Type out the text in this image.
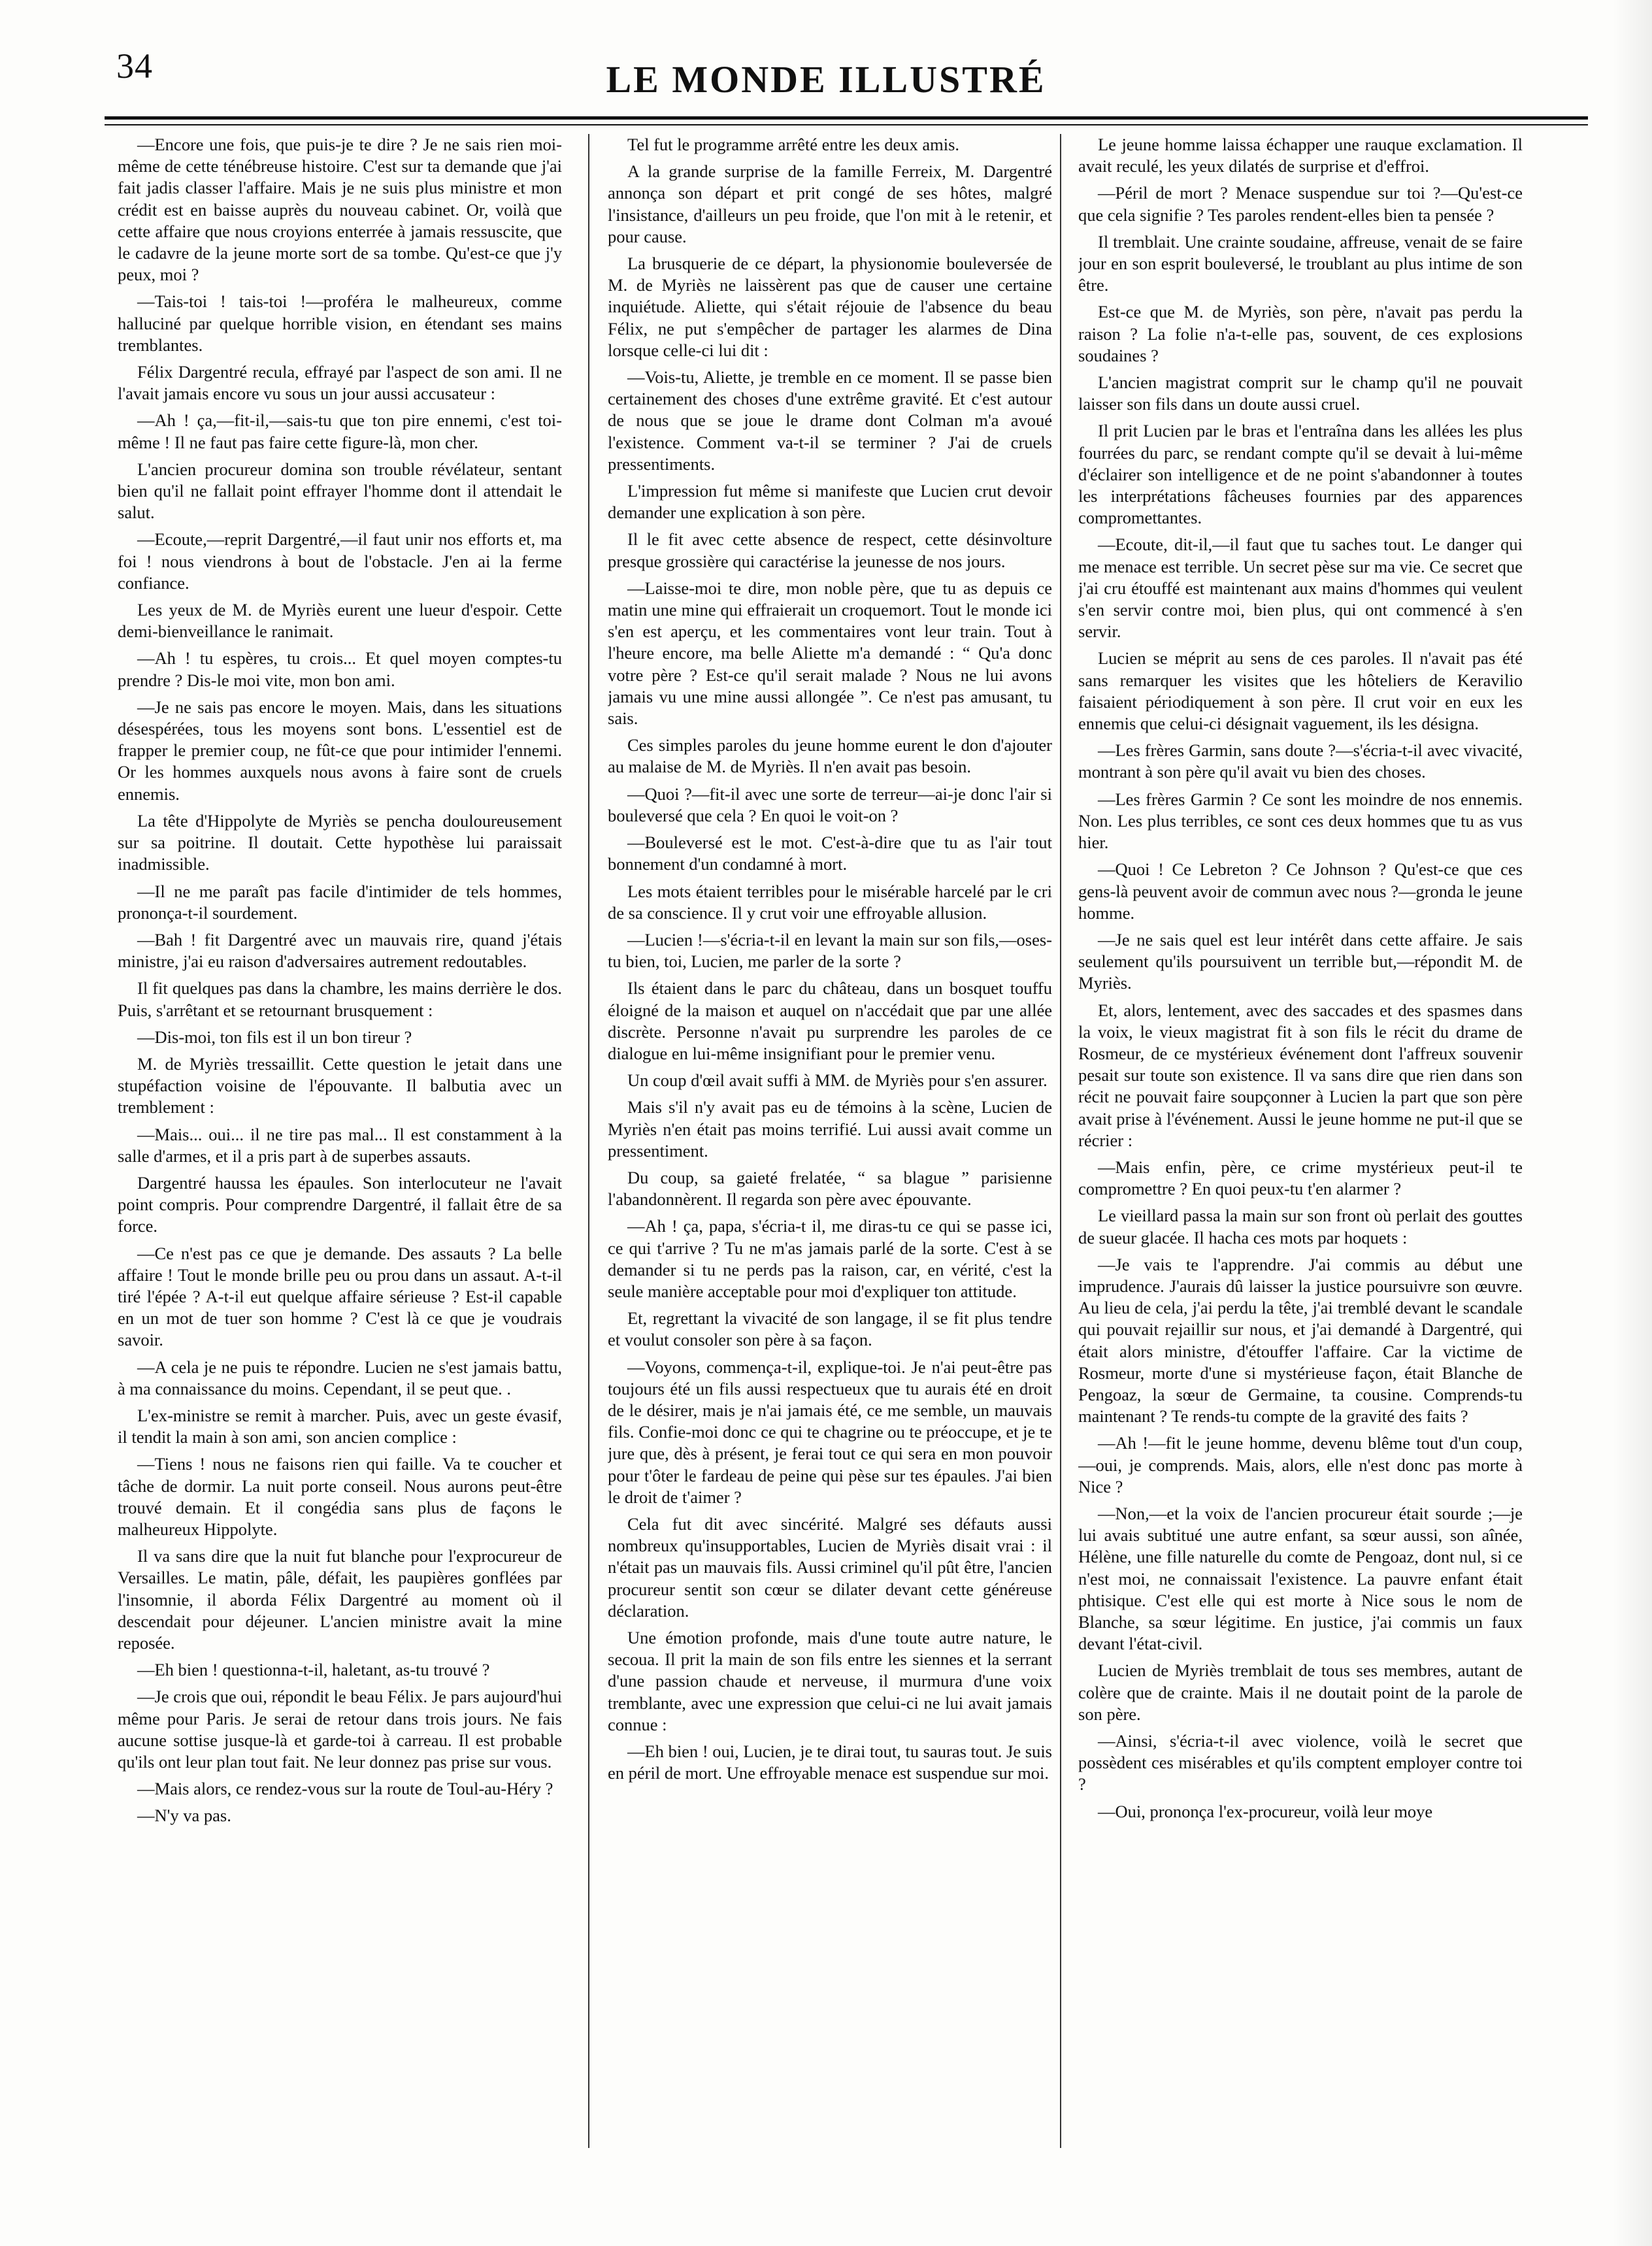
34	LE MONDE ILLUSTRÉ

—Encore une fois, que puis-je te dire ? Je ne sais rien moi-même de cette ténébreuse histoire. C'est sur ta demande que j'ai fait jadis classer l'affaire. Mais je ne suis plus ministre et mon crédit est en baisse auprès du nouveau cabinet. Or, voilà que cette affaire que nous croyions enterrée à jamais ressuscite, que le cadavre de la jeune morte sort de sa tombe. Qu'est-ce que j'y peux, moi ?

—Tais-toi ! tais-toi !—proféra le malheureux, comme halluciné par quelque horrible vision, en étendant ses mains tremblantes.

Félix Dargentré recula, effrayé par l'aspect de son ami. Il ne l'avait jamais encore vu sous un jour aussi accusateur :

—Ah ! ça,—fit-il,—sais-tu que ton pire ennemi, c'est toi-même ! Il ne faut pas faire cette figure-là, mon cher.

L'ancien procureur domina son trouble révélateur, sentant bien qu'il ne fallait point effrayer l'homme dont il attendait le salut.

—Ecoute,—reprit Dargentré,—il faut unir nos efforts et, ma foi ! nous viendrons à bout de l'obstacle. J'en ai la ferme confiance.

Les yeux de M. de Myriès eurent une lueur d'espoir. Cette demi-bienveillance le ranimait.

—Ah ! tu espères, tu crois... Et quel moyen comptes-tu prendre ? Dis-le moi vite, mon bon ami.

—Je ne sais pas encore le moyen. Mais, dans les situations désespérées, tous les moyens sont bons. L'essentiel est de frapper le premier coup, ne fût-ce que pour intimider l'ennemi. Or les hommes auxquels nous avons à faire sont de cruels ennemis.

La tête d'Hippolyte de Myriès se pencha douloureusement sur sa poitrine. Il doutait. Cette hypothèse lui paraissait inadmissible.

—Il ne me paraît pas facile d'intimider de tels hommes, prononça-t-il sourdement.

—Bah ! fit Dargentré avec un mauvais rire, quand j'étais ministre, j'ai eu raison d'adversaires autrement redoutables.

Il fit quelques pas dans la chambre, les mains derrière le dos. Puis, s'arrêtant et se retournant brusquement :

—Dis-moi, ton fils est il un bon tireur ?

M. de Myriès tressaillit. Cette question le jetait dans une stupéfaction voisine de l'épouvante. Il balbutia avec un tremblement :

—Mais... oui... il ne tire pas mal... Il est constamment à la salle d'armes, et il a pris part à de superbes assauts.

Dargentré haussa les épaules. Son interlocuteur ne l'avait point compris. Pour comprendre Dargentré, il fallait être de sa force.

—Ce n'est pas ce que je demande. Des assauts ? La belle affaire ! Tout le monde brille peu ou prou dans un assaut. A-t-il tiré l'épée ? A-t-il eut quelque affaire sérieuse ? Est-il capable en un mot de tuer son homme ? C'est là ce que je voudrais savoir.

—A cela je ne puis te répondre. Lucien ne s'est jamais battu, à ma connaissance du moins. Cependant, il se peut que. .

L'ex-ministre se remit à marcher. Puis, avec un geste évasif, il tendit la main à son ami, son ancien complice :

—Tiens ! nous ne faisons rien qui faille. Va te coucher et tâche de dormir. La nuit porte conseil. Nous aurons peut-être trouvé demain. Et il congédia sans plus de façons le malheureux Hippolyte.

Il va sans dire que la nuit fut blanche pour l'exprocureur de Versailles. Le matin, pâle, défait, les paupières gonflées par l'insomnie, il aborda Félix Dargentré au moment où il descendait pour déjeuner. L'ancien ministre avait la mine reposée.

—Eh bien ! questionna-t-il, haletant, as-tu trouvé ?

—Je crois que oui, répondit le beau Félix. Je pars aujourd'hui même pour Paris. Je serai de retour dans trois jours. Ne fais aucune sottise jusque-là et garde-toi à carreau. Il est probable qu'ils ont leur plan tout fait. Ne leur donnez pas prise sur vous.

—Mais alors, ce rendez-vous sur la route de Toul-au-Héry ?

—N'y va pas.

Tel fut le programme arrêté entre les deux amis.

A la grande surprise de la famille Ferreix, M. Dargentré annonça son départ et prit congé de ses hôtes, malgré l'insistance, d'ailleurs un peu froide, que l'on mit à le retenir, et pour cause.

La brusquerie de ce départ, la physionomie bouleversée de M. de Myriès ne laissèrent pas que de causer une certaine inquiétude. Aliette, qui s'était réjouie de l'absence du beau Félix, ne put s'empêcher de partager les alarmes de Dina lorsque celle-ci lui dit :

—Vois-tu, Aliette, je tremble en ce moment. Il se passe bien certainement des choses d'une extrême gravité. Et c'est autour de nous que se joue le drame dont Colman m'a avoué l'existence. Comment va-t-il se terminer ? J'ai de cruels pressentiments.

L'impression fut même si manifeste que Lucien crut devoir demander une explication à son père.

Il le fit avec cette absence de respect, cette désinvolture presque grossière qui caractérise la jeunesse de nos jours.

—Laisse-moi te dire, mon noble père, que tu as depuis ce matin une mine qui effraierait un croquemort. Tout le monde ici s'en est aperçu, et les commentaires vont leur train. Tout à l'heure encore, ma belle Aliette m'a demandé : “ Qu'a donc votre père ? Est-ce qu'il serait malade ? Nous ne lui avons jamais vu une mine aussi allongée ”. Ce n'est pas amusant, tu sais.

Ces simples paroles du jeune homme eurent le don d'ajouter au malaise de M. de Myriès. Il n'en avait pas besoin.

—Quoi ?—fit-il avec une sorte de terreur—ai-je donc l'air si bouleversé que cela ? En quoi le voit-on ?

—Bouleversé est le mot. C'est-à-dire que tu as l'air tout bonnement d'un condamné à mort.

Les mots étaient terribles pour le misérable harcelé par le cri de sa conscience. Il y crut voir une effroyable allusion.

—Lucien !—s'écria-t-il en levant la main sur son fils,—oses-tu bien, toi, Lucien, me parler de la sorte ?

Ils étaient dans le parc du château, dans un bosquet touffu éloigné de la maison et auquel on n'accédait que par une allée discrète. Personne n'avait pu surprendre les paroles de ce dialogue en lui-même insignifiant pour le premier venu.

Un coup d'œil avait suffi à MM. de Myriès pour s'en assurer.

Mais s'il n'y avait pas eu de témoins à la scène, Lucien de Myriès n'en était pas moins terrifié. Lui aussi avait comme un pressentiment.

Du coup, sa gaieté frelatée, “ sa blague ” parisienne l'abandonnèrent. Il regarda son père avec épouvante.

—Ah ! ça, papa, s'écria-t il, me diras-tu ce qui se passe ici, ce qui t'arrive ? Tu ne m'as jamais parlé de la sorte. C'est à se demander si tu ne perds pas la raison, car, en vérité, c'est la seule manière acceptable pour moi d'expliquer ton attitude.

Et, regrettant la vivacité de son langage, il se fit plus tendre et voulut consoler son père à sa façon.

—Voyons, commença-t-il, explique-toi. Je n'ai peut-être pas toujours été un fils aussi respectueux que tu aurais été en droit de le désirer, mais je n'ai jamais été, ce me semble, un mauvais fils. Confie-moi donc ce qui te chagrine ou te préoccupe, et je te jure que, dès à présent, je ferai tout ce qui sera en mon pouvoir pour t'ôter le fardeau de peine qui pèse sur tes épaules. J'ai bien le droit de t'aimer ?

Cela fut dit avec sincérité. Malgré ses défauts aussi nombreux qu'insupportables, Lucien de Myriès disait vrai : il n'était pas un mauvais fils. Aussi criminel qu'il pût être, l'ancien procureur sentit son cœur se dilater devant cette généreuse déclaration.

Une émotion profonde, mais d'une toute autre nature, le secoua. Il prit la main de son fils entre les siennes et la serrant d'une passion chaude et nerveuse, il murmura d'une voix tremblante, avec une expression que celui-ci ne lui avait jamais connue :

—Eh bien ! oui, Lucien, je te dirai tout, tu sauras tout. Je suis en péril de mort. Une effroyable menace est suspendue sur moi.

Le jeune homme laissa échapper une rauque exclamation. Il avait reculé, les yeux dilatés de surprise et d'effroi.

—Péril de mort ? Menace suspendue sur toi ?—Qu'est-ce que cela signifie ? Tes paroles rendent-elles bien ta pensée ?

Il tremblait. Une crainte soudaine, affreuse, venait de se faire jour en son esprit bouleversé, le troublant au plus intime de son être.

Est-ce que M. de Myriès, son père, n'avait pas perdu la raison ? La folie n'a-t-elle pas, souvent, de ces explosions soudaines ?

L'ancien magistrat comprit sur le champ qu'il ne pouvait laisser son fils dans un doute aussi cruel.

Il prit Lucien par le bras et l'entraîna dans les allées les plus fourrées du parc, se rendant compte qu'il se devait à lui-même d'éclairer son intelligence et de ne point s'abandonner à toutes les interprétations fâcheuses fournies par des apparences compromettantes.

—Ecoute, dit-il,—il faut que tu saches tout. Le danger qui me menace est terrible. Un secret pèse sur ma vie. Ce secret que j'ai cru étouffé est maintenant aux mains d'hommes qui veulent s'en servir contre moi, bien plus, qui ont commencé à s'en servir.

Lucien se méprit au sens de ces paroles. Il n'avait pas été sans remarquer les visites que les hôteliers de Keravilio faisaient périodiquement à son père. Il crut voir en eux les ennemis que celui-ci désignait vaguement, ils les désigna.

—Les frères Garmin, sans doute ?—s'écria-t-il avec vivacité, montrant à son père qu'il avait vu bien des choses.

—Les frères Garmin ? Ce sont les moindre de nos ennemis. Non. Les plus terribles, ce sont ces deux hommes que tu as vus hier.

—Quoi ! Ce Lebreton ? Ce Johnson ? Qu'est-ce que ces gens-là peuvent avoir de commun avec nous ?—gronda le jeune homme.

—Je ne sais quel est leur intérêt dans cette affaire. Je sais seulement qu'ils poursuivent un terrible but,—répondit M. de Myriès.

Et, alors, lentement, avec des saccades et des spasmes dans la voix, le vieux magistrat fit à son fils le récit du drame de Rosmeur, de ce mystérieux événement dont l'affreux souvenir pesait sur toute son existence. Il va sans dire que rien dans son récit ne pouvait faire soupçonner à Lucien la part que son père avait prise à l'événement. Aussi le jeune homme ne put-il que se récrier :

—Mais enfin, père, ce crime mystérieux peut-il te compromettre ? En quoi peux-tu t'en alarmer ?

Le vieillard passa la main sur son front où perlait des gouttes de sueur glacée. Il hacha ces mots par hoquets :

—Je vais te l'apprendre. J'ai commis au début une imprudence. J'aurais dû laisser la justice poursuivre son œuvre. Au lieu de cela, j'ai perdu la tête, j'ai tremblé devant le scandale qui pouvait rejaillir sur nous, et j'ai demandé à Dargentré, qui était alors ministre, d'étouffer l'affaire. Car la victime de Rosmeur, morte d'une si mystérieuse façon, était Blanche de Pengoaz, la sœur de Germaine, ta cousine. Comprends-tu maintenant ? Te rends-tu compte de la gravité des faits ?

—Ah !—fit le jeune homme, devenu blême tout d'un coup,—oui, je comprends. Mais, alors, elle n'est donc pas morte à Nice ?

—Non,—et la voix de l'ancien procureur était sourde ;—je lui avais subtitué une autre enfant, sa sœur aussi, son aînée, Hélène, une fille naturelle du comte de Pengoaz, dont nul, si ce n'est moi, ne connaissait l'existence. La pauvre enfant était phtisique. C'est elle qui est morte à Nice sous le nom de Blanche, sa sœur légitime. En justice, j'ai commis un faux devant l'état-civil.

Lucien de Myriès tremblait de tous ses membres, autant de colère que de crainte. Mais il ne doutait point de la parole de son père.

—Ainsi, s'écria-t-il avec violence, voilà le secret que possèdent ces misérables et qu'ils comptent employer contre toi ?

—Oui, prononça l'ex-procureur, voilà leur moye
